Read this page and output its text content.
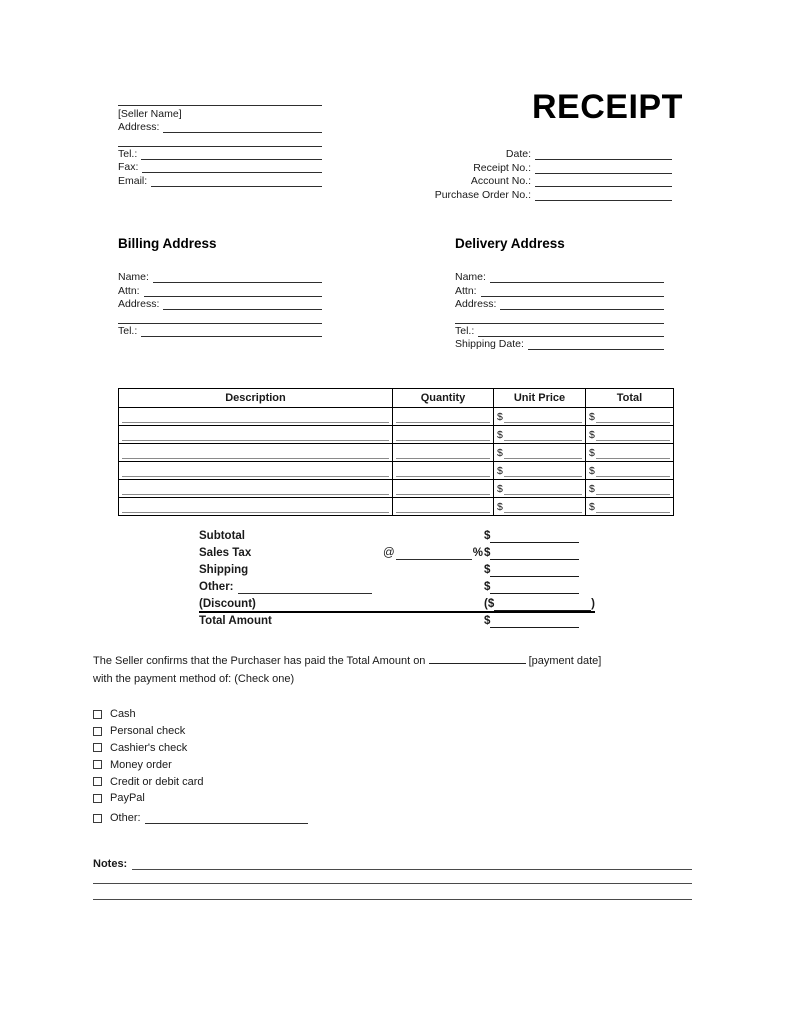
[Seller Name]
Address:
Tel.:
Fax:
Email:
RECEIPT
Date:
Receipt No.:
Account No.:
Purchase Order No.:
Billing Address
Name:
Attn:
Address:
Tel.:
Delivery Address
Name:
Attn:
Address:
Tel.:
Shipping Date:
Description	Quantity	Unit Price	Total

		$	$

		$	$

		$	$

		$	$

		$	$

		$	$
Subtotal	$
Sales Tax	@	% $
Shipping	$
Other:	$
(Discount)	($	)
Total Amount	$
The Seller confirms that the Purchaser has paid the Total Amount on	[payment date]
with the payment method of: (Check one)
Cash
Personal check
Cashier's check
Money order
Credit or debit card
PayPal
Other:
Notes:
